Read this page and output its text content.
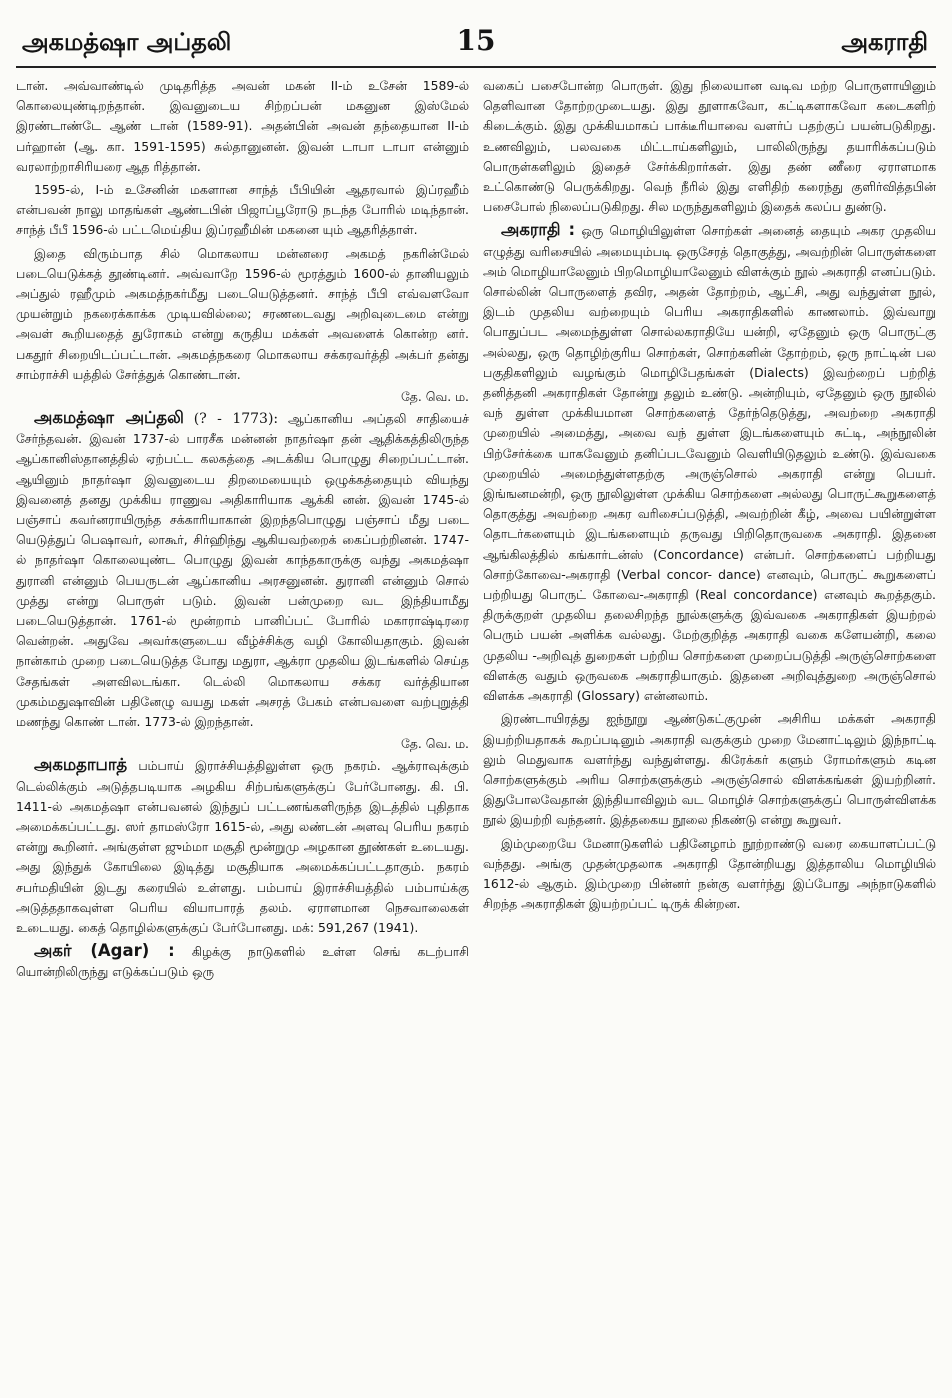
அகமத்ஷா அப்தலி	15	அகராதி

டான். அவ்வாண்டில் முடிதரித்த அவன் மகன் II-ம் உசேன் 1589-ல் கொலையுண்டிறந்தான். இவனுடைய சிற்றப்பன் மகனுன இஸ்மேல் இரண்டாண்டே ஆண் டான் (1589-91). அதன்பின் அவன் தந்தையான II-ம் பர்ஹான் (ஆ. கா. 1591-1595) சுல்தானுனன். இவன் டாபா டாபா என்னும் வரலாற்றாசிரியரை ஆத ரித்தான்.

1595-ல், I-ம் உசேனின் மகளான சாந்த் பீபியின் ஆதரவால் இப்ரஹீம் என்பவன் நாலு மாதங்கள் ஆண்டபின் பிஜாப்பூரோடு நடந்த போரில் மடிந்தான். சாந்த் பீபீ 1596-ல் பட்டமெய்திய இப்ரஹீமின் மகனை யும் ஆதரித்தாள்.

இதை விரும்பாத சில் மொகலாய மன்னரை அகமத் நகரின்மேல் படையெடுக்கத் தூண்டினர். அவ்வாறே 1596-ல் மூரத்தும் 1600-ல் தானியலும் அப்துல் ரஹீமும் அகமத்நகர்மீது படையெடுத்தனர். சாந்த் பீபி எவ்வளவோ முயன்றும் நகரைக்காக்க முடியவில்லை; சரணடைவது அறிவுடைமை என்று அவள் கூறியதைத் துரோகம் என்று கருதிய மக்கள் அவளைக் கொன்ற னர். பகதூர் சிறையிடப்பட்டான். அகமத்நகரை மொகலாய சக்கரவர்த்தி அக்பர் தன்து சாம்ராச்சி யத்தில் சேர்த்துக் கொண்டான்.

தே. வெ. ம.

அகமத்ஷா அப்தலி (? - 1773): ஆப்கானிய அப்தலி சாதியைச் சேர்ந்தவன். இவன் 1737-ல் பாரசீக மன்னன் நாதர்ஷா தன் ஆதிக்கத்திலிருந்த ஆப்கானிஸ்தானத்தில் ஏற்பட்ட கலகத்தை அடக்கிய பொழுது சிறைப்பட்டான். ஆயினும் நாதர்ஷா இவனுடைய திறமையையும் ஒழுக்கத்தையும் வியந்து இவனைத் தனது முக்கிய ராணுவ அதிகாரியாக ஆக்கி னன். இவன் 1745-ல் பஞ்சாப் கவர்னராயிருந்த சக்காரியாகான் இறந்தபொழுது பஞ்சாப் மீது படை யெடுத்துப் பெஷாவர், லாகூர், சிர்ஹிந்து ஆகியவற்றைக் கைப்பற்றினன். 1747-ல் நாதர்ஷா கொலையுண்ட பொழுது இவன் காந்தகாருக்கு வந்து அகமத்ஷா துரானி என்னும் பெயருடன் ஆப்கானிய அரசனுனன். துரானி என்னும் சொல் முத்து என்று பொருள் படும். இவன் பன்முறை வட இந்தியாமீது படையெடுத்தான். 1761-ல் மூன்றாம் பானிப்பட் போரில் மகாராஷ்டிரரை வென்றன். அதுவே அவர்களுடைய வீழ்ச்சிக்கு வழி கோலியதாகும். இவன் நான்காம் முறை படையெடுத்த போது மதுரா, ஆக்ரா முதலிய இடங்களில் செய்த சேதங்கள் அளவிலடங்கா. டெல்லி மொகலாய சக்கர வர்த்தியான முகம்மதுஷாவின் பதினேழு வயது மகள் அசரத் பேகம் என்பவளை வற்புறுத்தி மணந்து கொண் டான். 1773-ல் இறந்தான்.

தே. வெ. ம.

அகமதாபாத் பம்பாய் இராச்சியத்திலுள்ள ஒரு நகரம். ஆக்ராவுக்கும் டெல்லிக்கும் அடுத்தபடியாக அழகிய சிற்பங்களுக்குப் பேர்போனது. கி. பி. 1411-ல் அகமத்ஷா என்பவனல் இந்துப் பட்டணங்களிருந்த இடத்தில் புதிதாக அமைக்கப்பட்டது. ஸர் தாமஸ்ரோ 1615-ல், அது லண்டன் அளவு பெரிய நகரம் என்று கூறினர். அங்குள்ள ஜும்மா மசூதி மூன்றுமு அழகான தூண்கள் உடையது. அது இந்துக் கோயிலை இடித்து மசூதியாக அமைக்கப்பட்டதாகும். நகரம் சபர்மதியின் இடது கரையில் உள்ளது. பம்பாய் இராச்சியத்தில் பம்பாய்க்கு அடுத்ததாகவுள்ள பெரிய வியாபாரத் தலம். ஏராளமான நெசவாலைகள் உடையது. கைத் தொழில்களுக்குப் பேர்போனது. மக்: 591,267 (1941).

அகர் (Agar) : கிழக்கு நாடுகளில் உள்ள செங் கடற்பாசி யொன்றிலிருந்து எடுக்கப்படும் ஒரு

வகைப் பசைபோன்ற பொருள். இது நிலையான வடிவ மற்ற பொருளாயினும் தெளிவான தோற்றமுடையது. இது தூளாகவோ, கட்டிகளாகவோ கடைகளிற் கிடைக்கும். இது முக்கியமாகப் பாக்டீரியாவை வளர்ப் பதற்குப் பயன்படுகிறது. உணவிலும், பலவகை மிட்டாய்களிலும், பாலிலிருந்து தயாரிக்கப்படும் பொருள்களிலும் இதைச் சேர்க்கிறார்கள். இது தண் ணீரை ஏராளமாக உட்கொண்டு பெருக்கிறது. வெந் நீரில் இது எளிதிற் கரைந்து குளிர்வித்தபின் பசைபோல் நிலைப்படுகிறது. சில மருந்துகளிலும் இதைக் கலப்ப துண்டு.

அகராதி : ஒரு மொழியிலுள்ள சொற்கள் அனைத் தையும் அகர முதலிய எழுத்து வரிசையில் அமையும்படி ஒருசேரத் தொகுத்து, அவற்றின் பொருள்களை அம் மொழியாலேனும் பிறமொழியாலேனும் விளக்கும் நூல் அகராதி எனப்படும். சொல்லின் பொருளைத் தவிர, அதன் தோற்றம், ஆட்சி, அது வந்துள்ள நூல், இடம் முதலிய வற்றையும் பெரிய அகராதிகளில் காணலாம். இவ்வாறு பொதுப்பட அமைந்துள்ள சொல்லகராதியே யன்றி, ஏதேனும் ஒரு பொருட்கு அல்லது, ஒரு தொழிற்குரிய சொற்கள், சொற்களின் தோற்றம், ஒரு நாட்டின் பல பகுதிகளிலும் வழங்கும் மொழிபேதங்கள் (Dialects) இவற்றைப் பற்றித் தனித்தனி அகராதிகள் தோன்று தலும் உண்டு. அன்றியும், ஏதேனும் ஒரு நூலில் வந் துள்ள முக்கியமான சொற்களைத் தேர்ந்தெடுத்து, அவற்றை அகராதி முறையில் அமைத்து, அவை வந் துள்ள இடங்களையும் சுட்டி, அந்நூலின் பிற்சேர்க்கை யாகவேனும் தனிப்படவேனும் வெளியிடுதலும் உண்டு. இவ்வகை முறையில் அமைந்துள்ளதற்கு அருஞ்சொல் அகராதி என்று பெயர். இங்ஙனமன்றி, ஒரு நூலிலுள்ள முக்கிய சொற்களை அல்லது பொருட்கூறுகளைத் தொகுத்து அவற்றை அகர வரிசைப்படுத்தி, அவற்றின் கீழ், அவை பயின்றுள்ள தொடர்களையும் இடங்களையும் தருவது பிறிதொருவகை அகராதி. இதனை ஆங்கிலத்தில் கங்கார்டன்ஸ் (Concordance) என்பர். சொற்களைப் பற்றியது சொற்கோவை-அகராதி (Verbal concor- dance) எனவும், பொருட் கூறுகளைப் பற்றியது பொருட் கோவை-அகராதி (Real concordance) எனவும் கூறத்தகும். திருக்குறள் முதலிய தலைசிறந்த நூல்களுக்கு இவ்வகை அகராதிகள் இயற்றல் பெரும் பயன் அளிக்க வல்லது. மேற்குறித்த அகராதி வகை களேயன்றி, கலை முதலிய -அறிவுத் துறைகள் பற்றிய சொற்களை முறைப்படுத்தி அருஞ்சொற்களை விளக்கு வதும் ஒருவகை அகராதியாகும். இதனை அறிவுத்துறை அருஞ்சொல் விளக்க அகராதி (Glossary) என்னலாம்.

இரண்டாயிரத்து ஐந்நூறு ஆண்டுகட்குமுன் அசிரிய மக்கள் அகராதி இயற்றியதாகக் கூறப்படினும் அகராதி வகுக்கும் முறை மேனாட்டிலும் இந்நாட்டி லும் மெதுவாக வளர்ந்து வந்துள்ளது. கிரேக்கர் களும் ரோமர்களும் கடின சொற்களுக்கும் அரிய சொற்களுக்கும் அருஞ்சொல் விளக்கங்கள் இயற்றினர். இதுபோலவேதான் இந்தியாவிலும் வட மொழிச் சொற்களுக்குப் பொருள்விளக்க நூல் இயற்றி வந்தனர். இத்தகைய நூலை நிகண்டு என்று கூறுவர்.

இம்முறையே மேனாடுகளில் பதினேழாம் நூற்றாண்டு வரை கையாளப்பட்டு வந்தது. அங்கு முதன்முதலாக அகராதி தோன்றியது இத்தாலிய மொழியில் 1612-ல் ஆகும். இம்முறை பின்னர் நன்கு வளர்ந்து இப்போது அந்நாடுகளில் சிறந்த அகராதிகள் இயற்றப்பட் டிருக் கின்றன.
